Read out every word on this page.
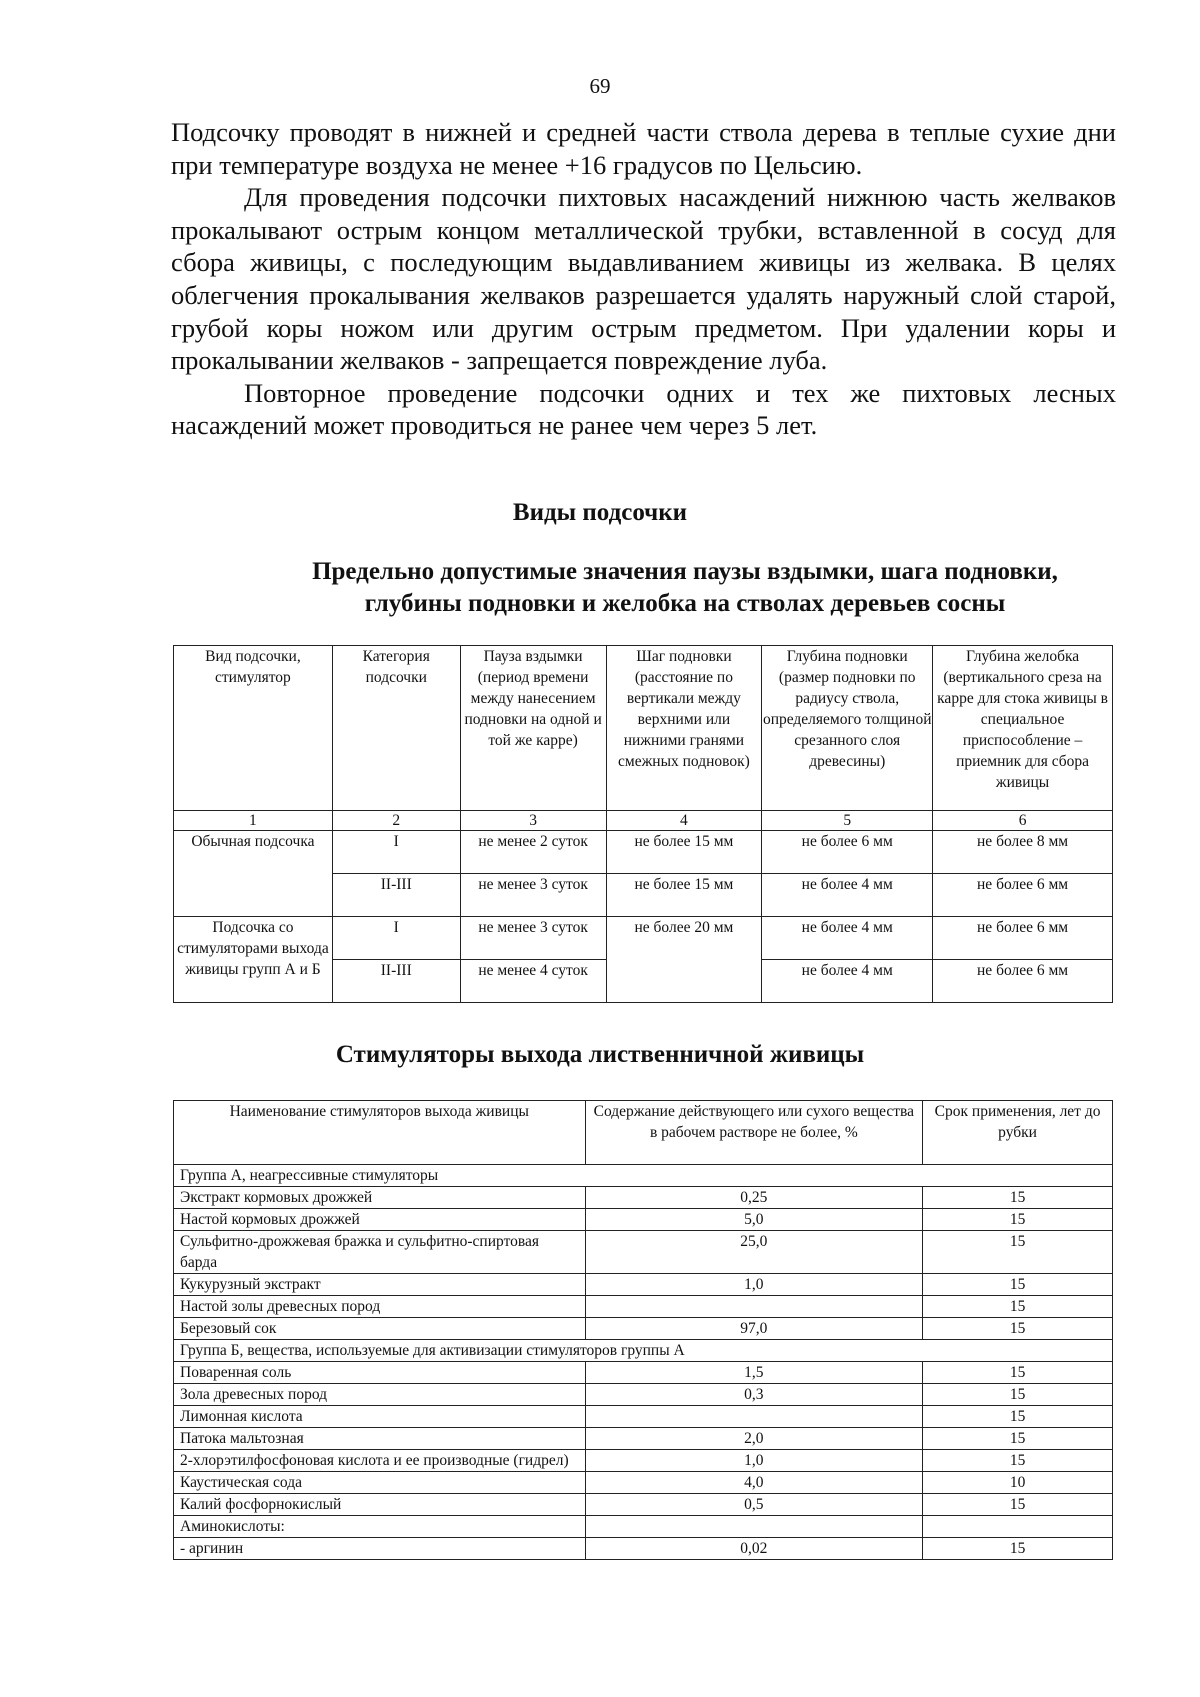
69

Подсочку проводят в нижней и средней части ствола дерева в теплые сухие дни при температуре воздуха не менее +16 градусов по Цельсию.

Для проведения подсочки пихтовых насаждений нижнюю часть желваков прокалывают острым концом металлической трубки, вставленной в сосуд для сбора живицы, с последующим выдавливанием живицы из желвака. В целях облегчения прокалывания желваков разрешается удалять наружный слой старой, грубой коры ножом или другим острым предметом. При удалении коры и прокалывании желваков - запрещается повреждение луба.

Повторное проведение подсочки одних и тех же пихтовых лесных насаждений может проводиться не ранее чем через 5 лет.

Виды подсочки
Предельно допустимые значения паузы вздымки, шага подновки,
глубины подновки и желобка на стволах деревьев сосны
Вид подсочки, стимулятор	Категория подсочки	Пауза вздымки (период времени между нанесением подновки на одной и той же карре)	Шаг подновки (расстояние по вертикали между верхними или нижними гранями смежных подновок)	Глубина подновки (размер подновки по радиусу ствола, определяемого толщиной срезанного слоя древесины)	Глубина желобка (вертикального среза на карре для стока живицы в специальное приспособление – приемник для сбора живицы
1	2	3	4	5	6
Обычная подсочка	I	не менее 2 суток	не более 15 мм	не более 6 мм	не более 8 мм
	II-III	не менее 3 суток	не более 15 мм	не более 4 мм	не более 6 мм
Подсочка со стимуляторами выхода живицы групп А и Б	I	не менее 3 суток	не более 20 мм	не более 4 мм	не более 6 мм
	II-III	не менее 4 суток		не более 4 мм	не более 6 мм
Стимуляторы выхода лиственничной живицы
Наименование стимуляторов выхода живицы	Содержание действующего или сухого вещества в рабочем растворе не более, %	Срок применения, лет до рубки
Группа А, неагрессивные стимуляторы		
Экстракт кормовых дрожжей	0,25	15
Настой кормовых дрожжей	5,0	15
Сульфитно-дрожжевая бражка и сульфитно-спиртовая барда	25,0	15
Кукурузный экстракт	1,0	15
Настой золы древесных пород		15
Березовый сок	97,0	15
Группа Б, вещества, используемые для активизации стимуляторов группы А		
Поваренная соль	1,5	15
Зола древесных пород	0,3	15
Лимонная кислота		15
Патока мальтозная	2,0	15
2-хлорэтилфосфоновая кислота и ее производные (гидрел)	1,0	15
Каустическая сода	4,0	10
Калий фосфорнокислый	0,5	15
Аминокислоты:		
- аргинин	0,02	15
